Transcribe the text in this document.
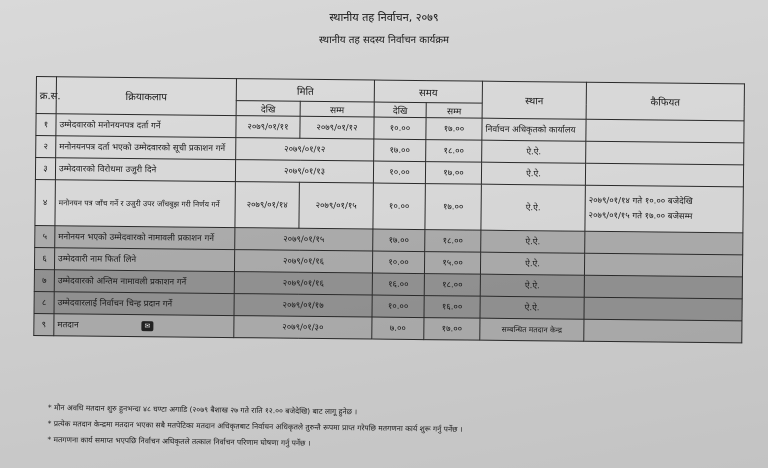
स्थानीय तह निर्वाचन, २०७९
स्थानीय तह सदस्य निर्वाचन कार्यक्रम
क्र.स.	क्रियाकलाप	मिति		समय		स्थान	कैफियत
		देखि	सम्म	देखि	सम्म		
१	उम्मेदवारको मनोनयनपत्र दर्ता गर्ने	२०७९/०१/११	२०७९/०१/१२	१०.००	१७.००	निर्वाचन अधिकृतको कार्यालय	
२	मनोनयनपत्र दर्ता भएको उम्मेदवारको सूची प्रकाशन गर्ने	२०७९/०१/१२		१७.००	१८.००	ऐ.ऐ.	
३	उम्मेदवारको विरोधमा उजुरी दिने	२०७९/०१/१३		१०.००	१७.००	ऐ.ऐ.	
४	मनोनयन पत्र जाँच गर्ने र उजुरी उपर जाँचबुझ गरी निर्णय गर्ने	२०७९/०१/१४	२०७९/०१/१५	१०.००	१७.००	ऐ.ऐ.	२०७९/०१/१४ गते १०.०० बजेदेखि
२०७९/०१/१५ गते १७.०० बजेसम्म

५	मनोनयन भएको उम्मेदवारको नामावली प्रकाशन गर्ने	२०७९/०१/१५		१७.००	१८.००	ऐ.ऐ.	
६	उम्मेदवारी नाम फिर्ता लिने	२०७९/०१/१६		१०.००	१५.००	ऐ.ऐ.	
७	उम्मेदवारको अन्तिम नामावली प्रकाशन गर्ने	२०७९/०१/१६		१६.००	१८.००	ऐ.ऐ.	
८	उम्मेदवारलाई निर्वाचन चिन्ह प्रदान गर्ने	२०७९/०१/१७		१०.००	१६.००	ऐ.ऐ.	
९	मतदान ✉	२०७९/०१/३०		७.००	१७.००	सम्बन्धित मतदान केन्द्र	
* मौन अवधि मतदान शुरु हुनभन्दा ४८ घण्टा अगाडि (२०७९ बैशाख २७ गते राति १२.०० बजेदेखि) बाट लागू हुनेछ ।
* प्रत्येक मतदान केन्द्रमा मतदान भएका सबै मतपेटिका मतदान अधिकृतबाट निर्वाचन अधिकृतले तुरुन्तै रूपमा प्राप्त गरेपछि मतगणना कार्य शुरू गर्नु पर्नेछ ।
* मतगणना कार्य समाप्त भएपछि निर्वाचन अधिकृतले तत्काल निर्वाचन परिणाम घोषणा गर्नु पर्नेछ ।
